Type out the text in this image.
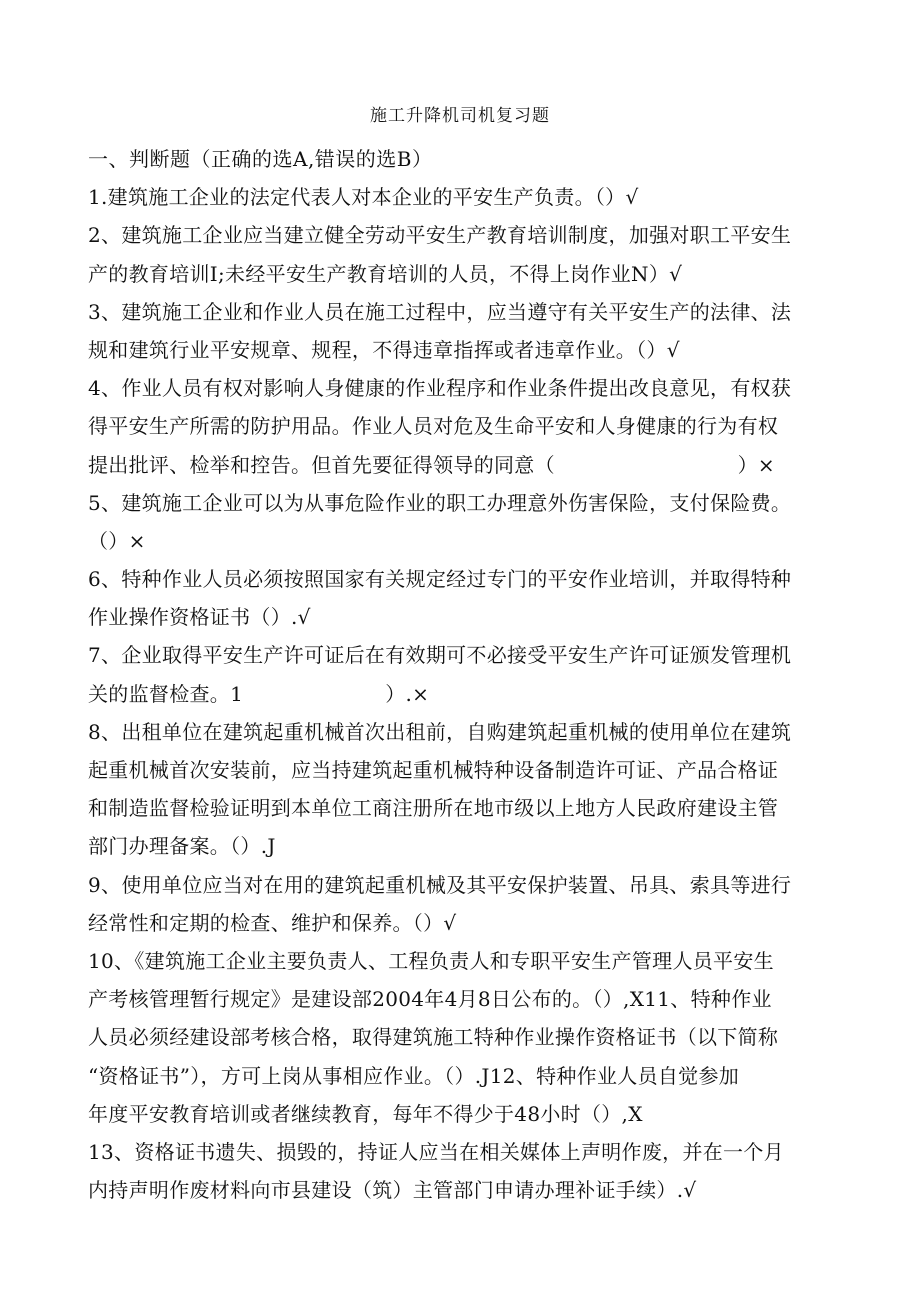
施工升降机司机复习题
一、判断题（正确的选A,错误的选B）
1.建筑施工企业的法定代表人对本企业的平安生产负责。（）√
2、建筑施工企业应当建立健全劳动平安生产教育培训制度，加强对职工平安生
产的教育培训I;未经平安生产教育培训的人员，不得上岗作业N）√
3、建筑施工企业和作业人员在施工过程中，应当遵守有关平安生产的法律、法
规和建筑行业平安规章、规程，不得违章指挥或者违章作业。（）√
4、作业人员有权对影响人身健康的作业程序和作业条件提出改良意见，有权获
得平安生产所需的防护用品。作业人员对危及生命平安和人身健康的行为有权
提出批评、检举和控告。但首先要征得领导的同意（　　　　　　　　　）×
5、建筑施工企业可以为从事危险作业的职工办理意外伤害保险，支付保险费。
（）×
6、特种作业人员必须按照国家有关规定经过专门的平安作业培训，并取得特种
作业操作资格证书（）.√
7、企业取得平安生产许可证后在有效期可不必接受平安生产许可证颁发管理机
关的监督检查。1　　　　　　　）.×
8、出租单位在建筑起重机械首次出租前，自购建筑起重机械的使用单位在建筑
起重机械首次安装前，应当持建筑起重机械特种设备制造许可证、产品合格证
和制造监督检验证明到本单位工商注册所在地市级以上地方人民政府建设主管
部门办理备案。（）.J
9、使用单位应当对在用的建筑起重机械及其平安保护装置、吊具、索具等进行
经常性和定期的检查、维护和保养。（）√
10、《建筑施工企业主要负责人、工程负责人和专职平安生产管理人员平安生
产考核管理暂行规定》是建设部2004年4月8日公布的。（）,X11、特种作业
人员必须经建设部考核合格，取得建筑施工特种作业操作资格证书（以下简称
“资格证书”），方可上岗从事相应作业。（）.J12、特种作业人员自觉参加
年度平安教育培训或者继续教育，每年不得少于48小时（）,X
13、资格证书遗失、损毁的，持证人应当在相关媒体上声明作废，并在一个月
内持声明作废材料向市县建设（筑）主管部门申请办理补证手续）.√
